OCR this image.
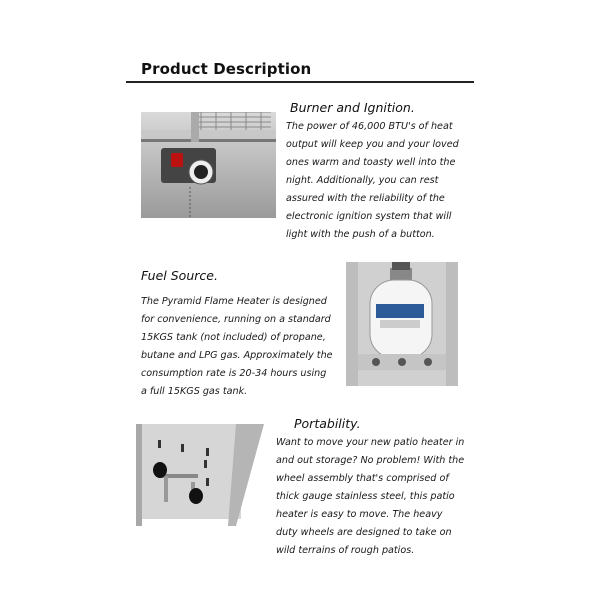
Product Description
Burner and Ignition.
The power of 46,000 BTU's of heat output will keep you and your loved ones warm and toasty well into the night. Additionally, you can rest assured with the reliability of the electronic ignition system that will light with the push of a button.
Fuel Source.
The Pyramid Flame Heater is designed for convenience, running on a standard 15KGS tank (not included) of propane, butane and LPG gas. Approximately the consumption rate is 20-34 hours using a full 15KGS gas tank.
Portability.
Want to move your new patio heater in and out storage? No problem! With the wheel assembly that's comprised of thick gauge stainless steel, this patio heater is easy to move. The heavy duty wheels are designed to take on wild terrains of rough patios.
